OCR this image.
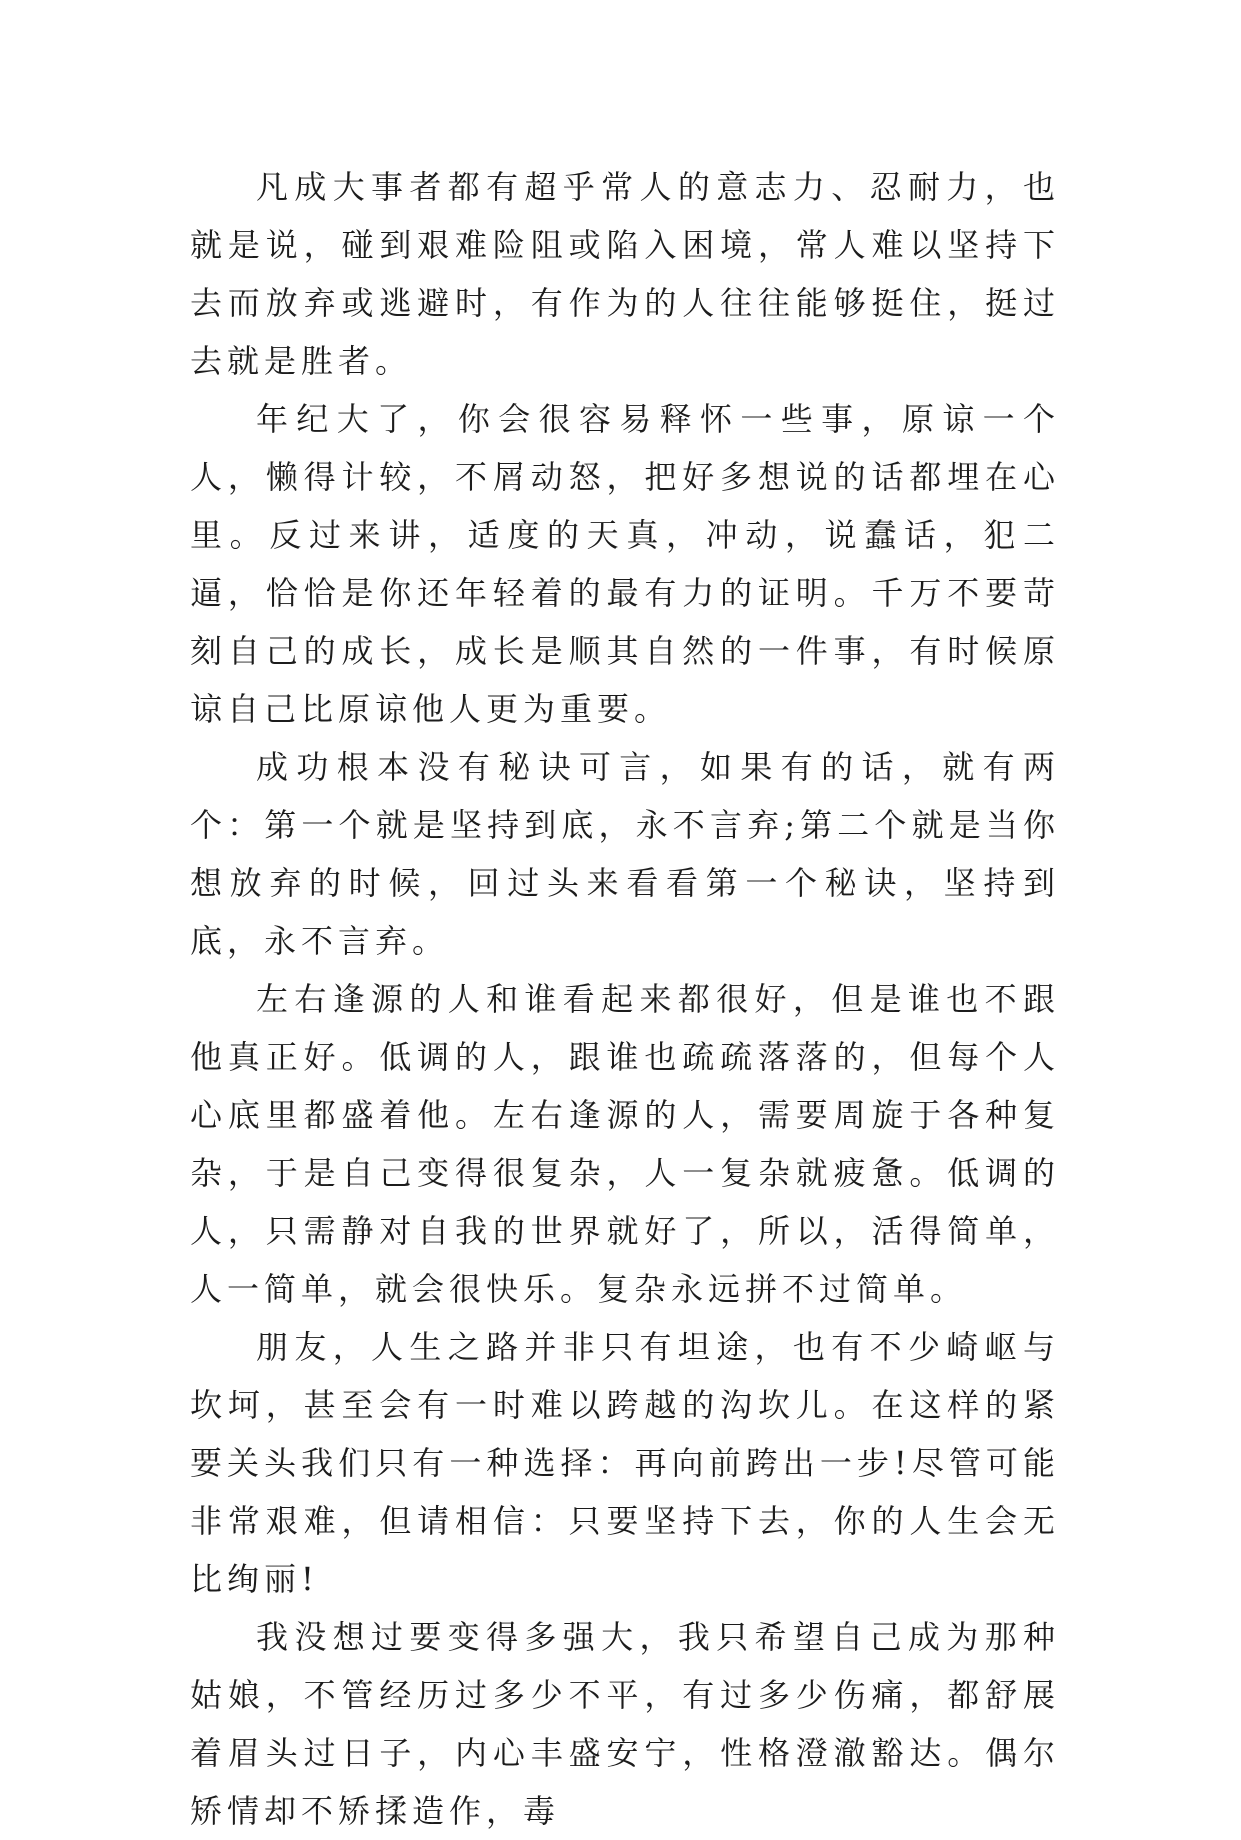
凡成大事者都有超乎常人的意志力、忍耐力，也就是说，碰到艰难险阻或陷入困境，常人难以坚持下去而放弃或逃避时，有作为的人往往能够挺住，挺过去就是胜者。

年纪大了，你会很容易释怀一些事，原谅一个人，懒得计较，不屑动怒，把好多想说的话都埋在心里。反过来讲，适度的天真，冲动，说蠢话，犯二逼，恰恰是你还年轻着的最有力的证明。千万不要苛刻自己的成长，成长是顺其自然的一件事，有时候原谅自己比原谅他人更为重要。

成功根本没有秘诀可言，如果有的话，就有两个：第一个就是坚持到底，永不言弃;第二个就是当你想放弃的时候，回过头来看看第一个秘诀，坚持到底，永不言弃。

左右逢源的人和谁看起来都很好，但是谁也不跟他真正好。低调的人，跟谁也疏疏落落的，但每个人心底里都盛着他。左右逢源的人，需要周旋于各种复杂，于是自己变得很复杂，人一复杂就疲惫。低调的人，只需静对自我的世界就好了，所以，活得简单，人一简单，就会很快乐。复杂永远拼不过简单。

朋友，人生之路并非只有坦途，也有不少崎岖与坎坷，甚至会有一时难以跨越的沟坎儿。在这样的紧要关头我们只有一种选择：再向前跨出一步!尽管可能非常艰难，但请相信：只要坚持下去，你的人生会无比绚丽!

我没想过要变得多强大，我只希望自己成为那种姑娘，不管经历过多少不平，有过多少伤痛，都舒展着眉头过日子，内心丰盛安宁，性格澄澈豁达。偶尔矫情却不矫揉造作，毒
